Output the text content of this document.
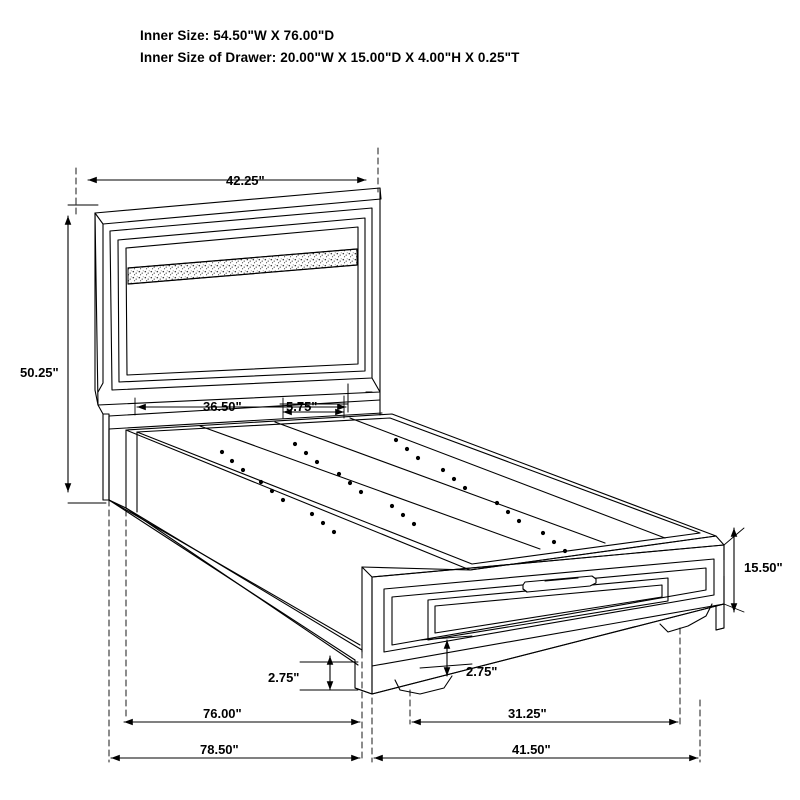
Inner Size: 54.50"W X 76.00"D
Inner Size of Drawer: 20.00"W X 15.00"D X 4.00"H X 0.25"T
42.25"
50.25"
36.50"	5.75"
15.50"
2.75"	2.75"
76.00"	31.25"
78.50"	41.50"
